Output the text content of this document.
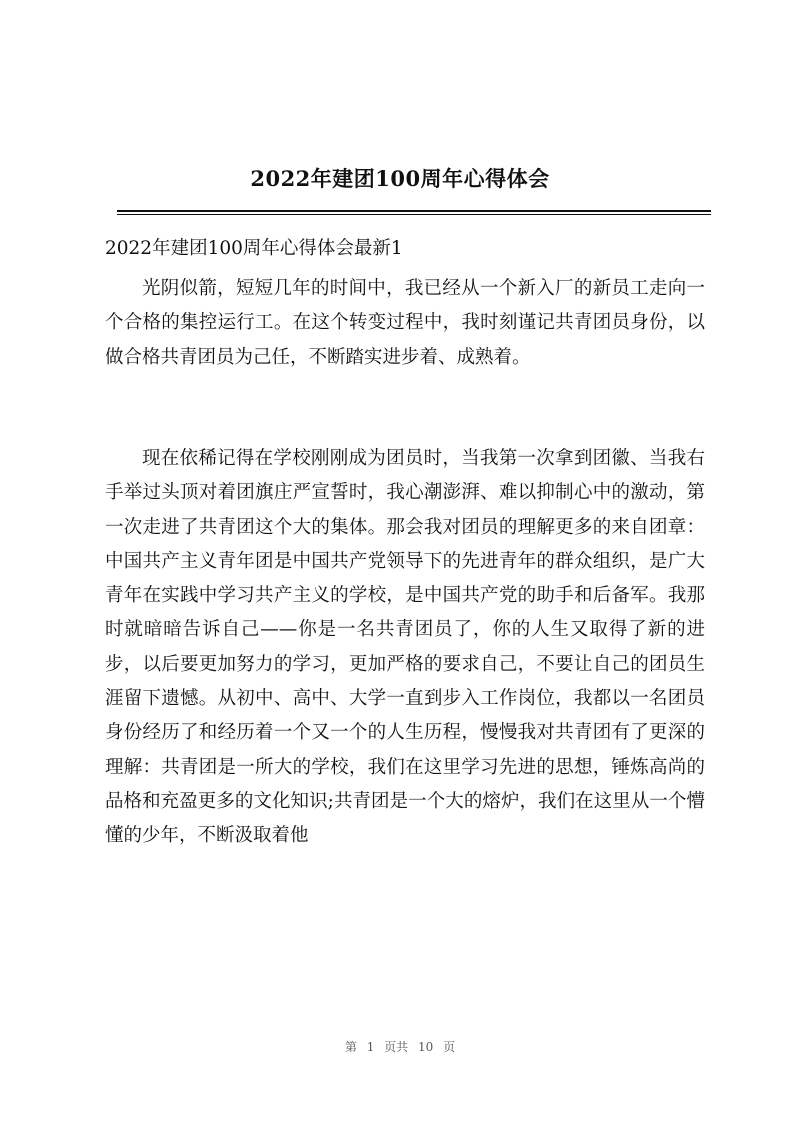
2022年建团100周年心得体会
2022年建团100周年心得体会最新1

光阴似箭，短短几年的时间中，我已经从一个新入厂的新员工走向一个合格的集控运行工。在这个转变过程中，我时刻谨记共青团员身份，以做合格共青团员为己任，不断踏实进步着、成熟着。

现在依稀记得在学校刚刚成为团员时，当我第一次拿到团徽、当我右手举过头顶对着团旗庄严宣誓时，我心潮澎湃、难以抑制心中的激动，第一次走进了共青团这个大的集体。那会我对团员的理解更多的来自团章：中国共产主义青年团是中国共产党领导下的先进青年的群众组织，是广大青年在实践中学习共产主义的学校，是中国共产党的助手和后备军。我那时就暗暗告诉自己——你是一名共青团员了，你的人生又取得了新的进步，以后要更加努力的学习，更加严格的要求自己，不要让自己的团员生涯留下遗憾。从初中、高中、大学一直到步入工作岗位，我都以一名团员身份经历了和经历着一个又一个的人生历程，慢慢我对共青团有了更深的理解：共青团是一所大的学校，我们在这里学习先进的思想，锤炼高尚的品格和充盈更多的文化知识;共青团是一个大的熔炉，我们在这里从一个懵懂的少年，不断汲取着他

第 1 页共 10 页
